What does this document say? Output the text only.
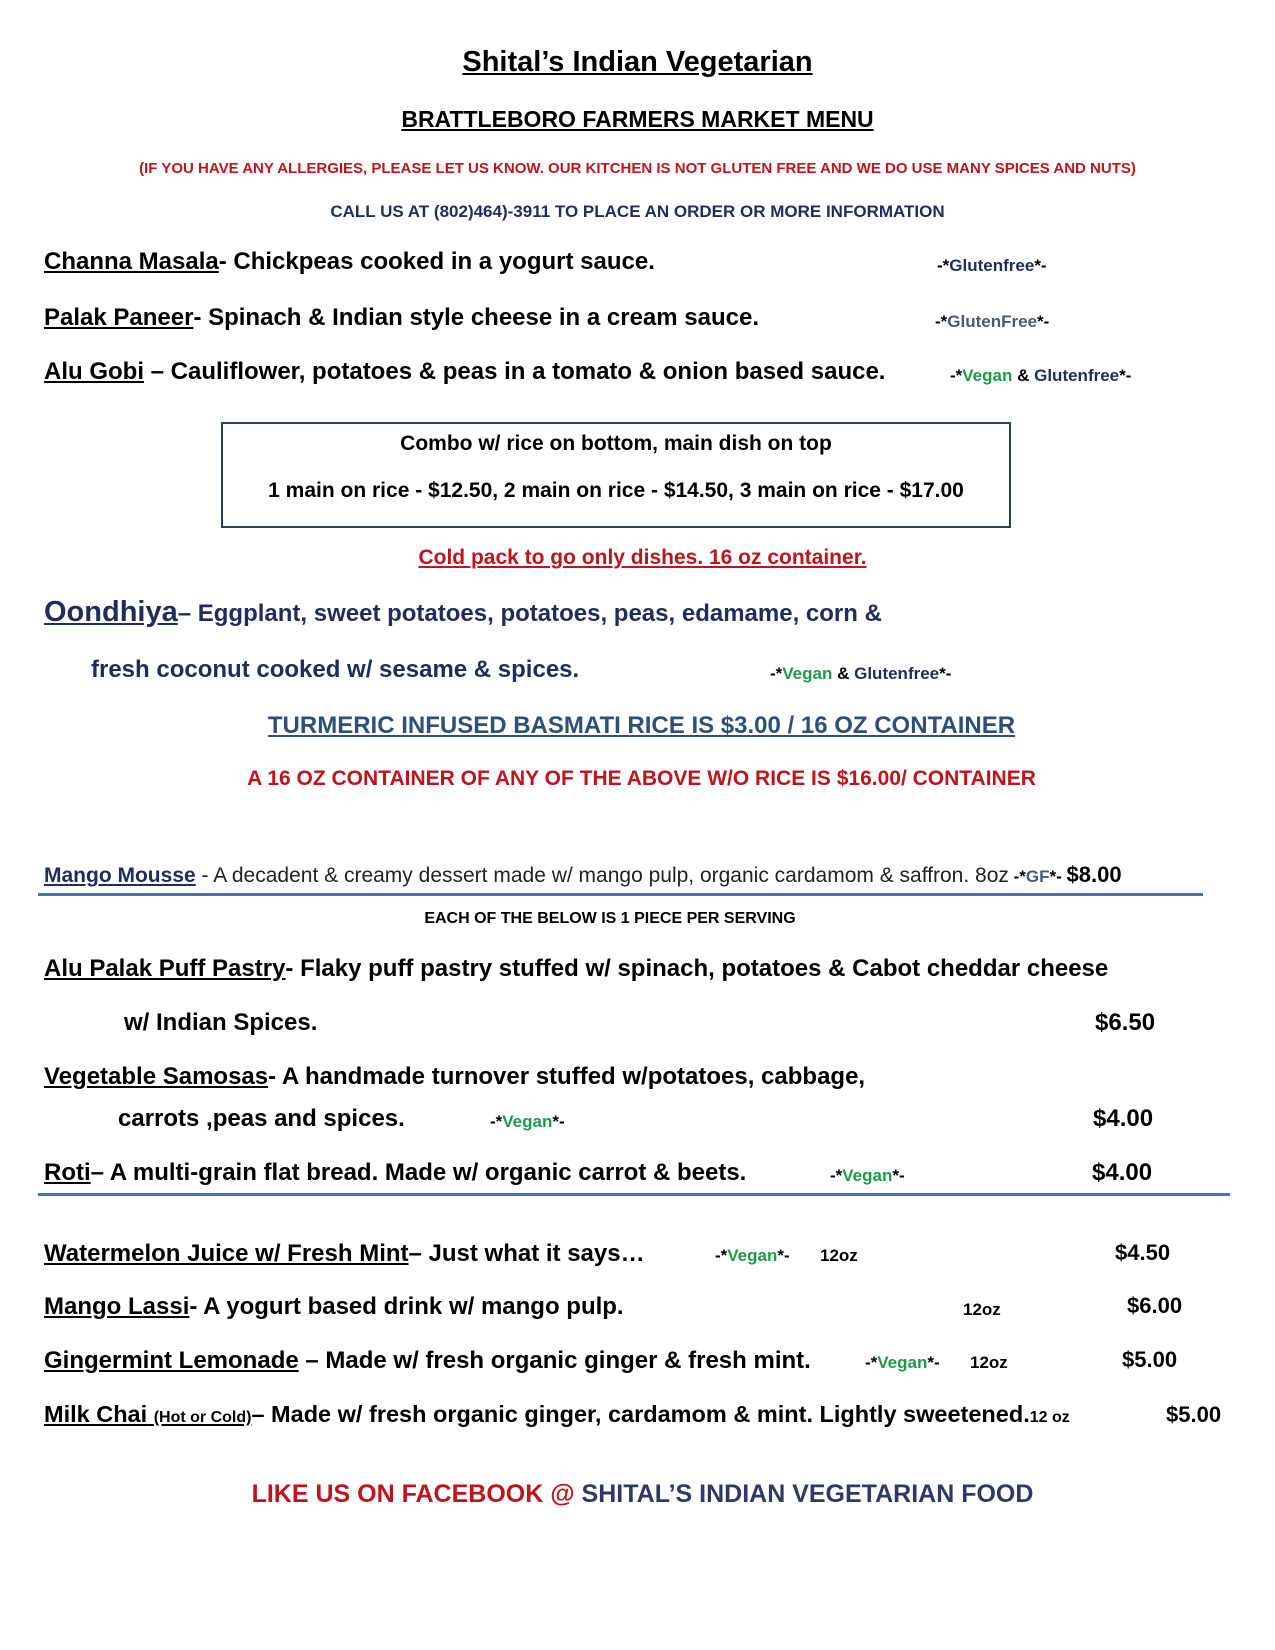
Shital’s Indian Vegetarian
BRATTLEBORO FARMERS MARKET MENU
(IF YOU HAVE ANY ALLERGIES, PLEASE LET US KNOW. OUR KITCHEN IS NOT GLUTEN FREE AND WE DO USE MANY SPICES AND NUTS)
CALL US AT (802)464)-3911 TO PLACE AN ORDER OR MORE INFORMATION
Channa Masala- Chickpeas cooked in a yogurt sauce.	-*Glutenfree*-
Palak Paneer- Spinach & Indian style cheese in a cream sauce.	-*GlutenFree*-
Alu Gobi – Cauliflower, potatoes & peas in a tomato & onion based sauce.	-*Vegan & Glutenfree*-
Combo w/ rice on bottom, main dish on top
1 main on rice - $12.50, 2 main on rice - $14.50, 3 main on rice - $17.00
Cold pack to go only dishes. 16 oz container.
Oondhiya– Eggplant, sweet potatoes, potatoes, peas, edamame, corn &
fresh coconut cooked w/ sesame & spices.	-*Vegan & Glutenfree*-
TURMERIC INFUSED BASMATI RICE IS $3.00 / 16 OZ CONTAINER
A 16 OZ CONTAINER OF ANY OF THE ABOVE W/O RICE IS $16.00/ CONTAINER
Mango Mousse - A decadent & creamy dessert made w/ mango pulp, organic cardamom & saffron. 8oz -*GF*- $8.00
EACH OF THE BELOW IS 1 PIECE PER SERVING
Alu Palak Puff Pastry- Flaky puff pastry stuffed w/ spinach, potatoes & Cabot cheddar cheese
w/ Indian Spices.	$6.50
Vegetable Samosas- A handmade turnover stuffed w/potatoes, cabbage,
carrots ,peas and spices.	-*Vegan*-	$4.00
Roti– A multi-grain flat bread. Made w/ organic carrot & beets.	-*Vegan*-	$4.00
Watermelon Juice w/ Fresh Mint– Just what it says…	-*Vegan*- 12oz	$4.50
Mango Lassi- A yogurt based drink w/ mango pulp.	12oz	$6.00
Gingermint Lemonade – Made w/ fresh organic ginger & fresh mint.	-*Vegan*- 12oz	$5.00
Milk Chai (Hot or Cold)– Made w/ fresh organic ginger, cardamom & mint. Lightly sweetened.12 oz	$5.00
LIKE US ON FACEBOOK @ SHITAL’S INDIAN VEGETARIAN FOOD
